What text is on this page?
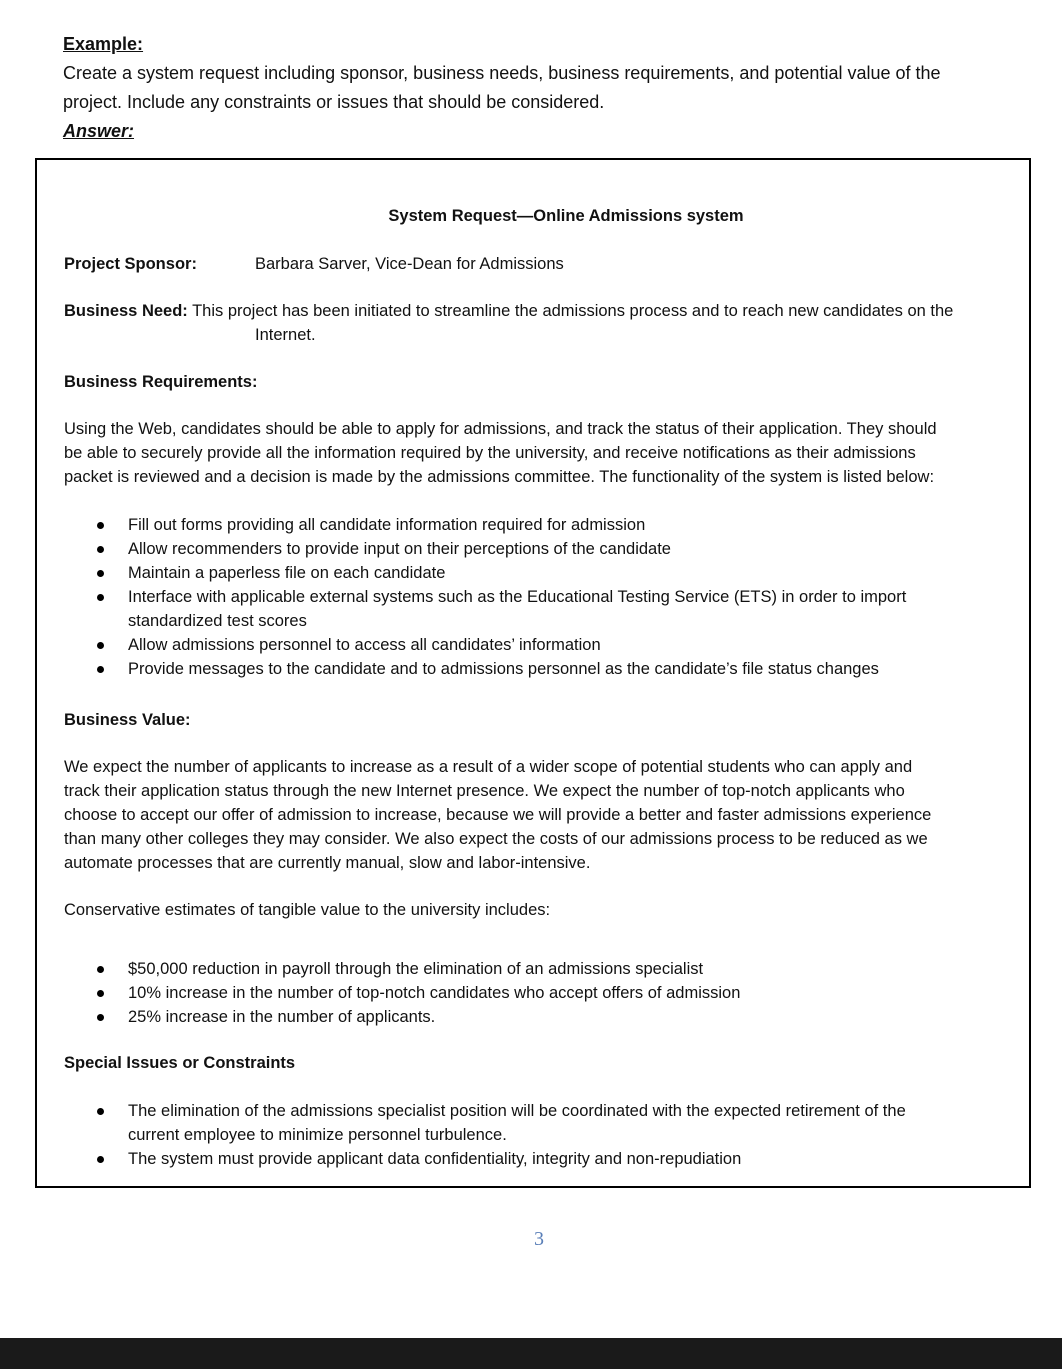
Example:
Create a system request including sponsor, business needs, business requirements, and potential value of the
project. Include any constraints or issues that should be considered.
Answer:
System Request—Online Admissions system
Project Sponsor:	Barbara Sarver, Vice-Dean for Admissions
Business Need: This project has been initiated to streamline the admissions process and to reach new candidates on the
Internet.
Business Requirements:
Using the Web, candidates should be able to apply for admissions, and track the status of their application. They should
be able to securely provide all the information required by the university, and receive notifications as their admissions
packet is reviewed and a decision is made by the admissions committee. The functionality of the system is listed below:
Fill out forms providing all candidate information required for admission
Allow recommenders to provide input on their perceptions of the candidate
Maintain a paperless file on each candidate
Interface with applicable external systems such as the Educational Testing Service (ETS) in order to import
standardized test scores
Allow admissions personnel to access all candidates’ information
Provide messages to the candidate and to admissions personnel as the candidate’s file status changes
Business Value:
We expect the number of applicants to increase as a result of a wider scope of potential students who can apply and
track their application status through the new Internet presence. We expect the number of top-notch applicants who
choose to accept our offer of admission to increase, because we will provide a better and faster admissions experience
than many other colleges they may consider. We also expect the costs of our admissions process to be reduced as we
automate processes that are currently manual, slow and labor-intensive.
Conservative estimates of tangible value to the university includes:
$50,000 reduction in payroll through the elimination of an admissions specialist
10% increase in the number of top-notch candidates who accept offers of admission
25% increase in the number of applicants.
Special Issues or Constraints
The elimination of the admissions specialist position will be coordinated with the expected retirement of the
current employee to minimize personnel turbulence.
The system must provide applicant data confidentiality, integrity and non-repudiation
3
